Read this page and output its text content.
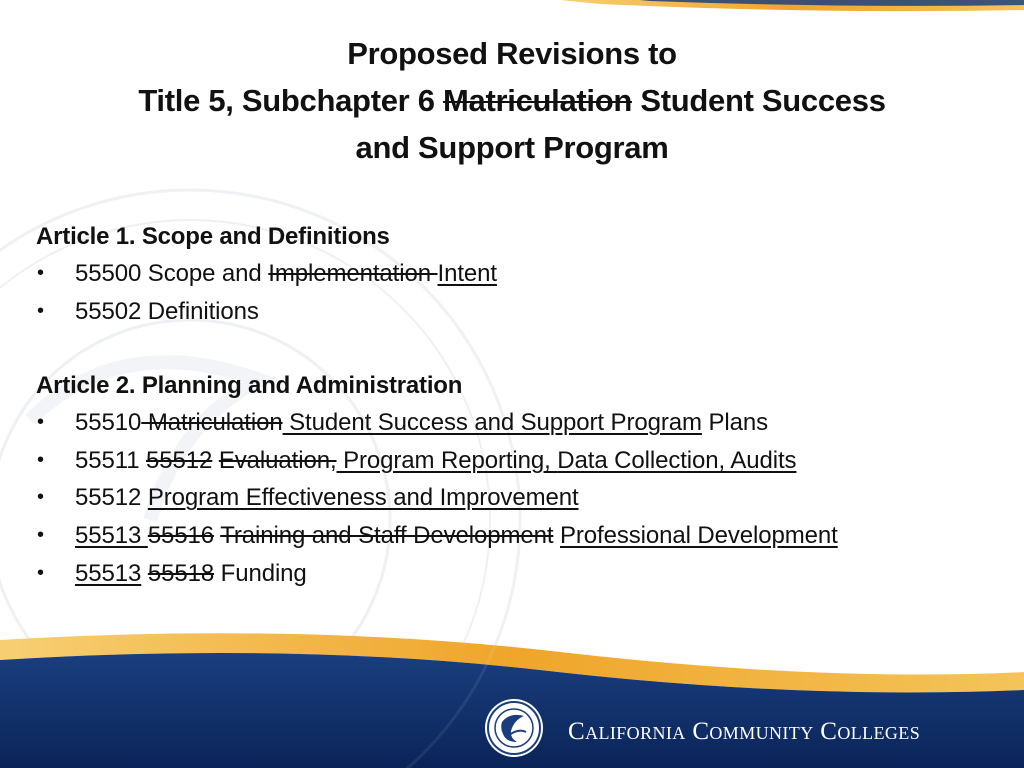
Proposed Revisions to
Title 5, Subchapter 6 Matriculation Student Success
and Support Program
Article 1. Scope and Definitions
• 55500 Scope and Implementation Intent
• 55502 Definitions
Article 2. Planning and Administration
• 55510 Matriculation Student Success and Support Program Plans
• 55511 55512 Evaluation, Program Reporting, Data Collection, Audits
• 55512 Program Effectiveness and Improvement
• 55513 55516 Training and Staff Development Professional Development
• 55513 55518 Funding
California Community Colleges
